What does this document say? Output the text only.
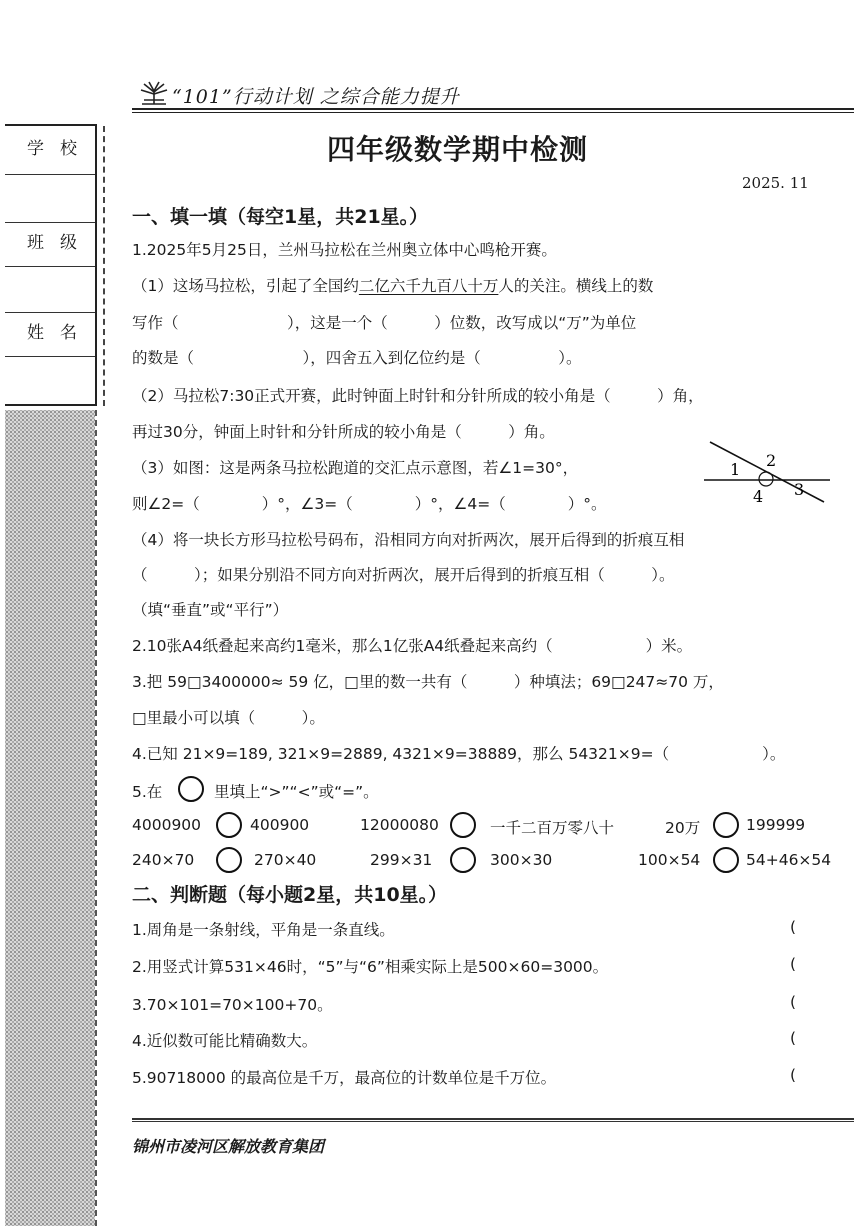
“101”行动计划 之综合能力提升
学校
班级
姓名
四年级数学期中检测
2025. 11
一、填一填（每空1星，共21星。）
1.2025年5月25日，兰州马拉松在兰州奥立体中心鸣枪开赛。
（1）这场马拉松，引起了全国约二亿六千九百八十万人的关注。横线上的数
写作（　　　　　　　），这是一个（　　　）位数，改写成以“万”为单位
的数是（　　　　　　　），四舍五入到亿位约是（　　　　　）。
（2）马拉松7:30正式开赛，此时钟面上时针和分针所成的较小角是（　　　）角，
再过30分，钟面上时针和分针所成的较小角是（　　　）角。
（3）如图：这是两条马拉松跑道的交汇点示意图，若∠1=30°，
则∠2=（　　　　）°，∠3=（　　　　）°，∠4=（　　　　）°。
1 2
3
4
（4）将一块长方形马拉松号码布，沿相同方向对折两次，展开后得到的折痕互相
（　　　）；如果分别沿不同方向对折两次，展开后得到的折痕互相（　　　）。
（填“垂直”或“平行”）
2.10张A4纸叠起来高约1毫米，那么1亿张A4纸叠起来高约（　　　　　　）米。
3.把 59□3400000≈ 59 亿，□里的数一共有（　　　）种填法；69□247≈70 万，
□里最小可以填（　　　）。
4.已知 21×9=189, 321×9=2889, 4321×9=38889，那么 54321×9=（　　　　　　）。
5.在	里填上“>”“<”或“=”。
4000900	400900	12000080	一千二百万零八十	20万	199999
240×70	270×40	299×31	300×30	100×54	54+46×54
二、判断题（每小题2星，共10星。）
1.周角是一条射线，平角是一条直线。	(
2.用竖式计算531×46时，“5”与“6”相乘实际上是500×60=3000。	(
3.70×101=70×100+70。	(
4.近似数可能比精确数大。	(
5.90718000 的最高位是千万，最高位的计数单位是千万位。	(
锦州市凌河区解放教育集团
